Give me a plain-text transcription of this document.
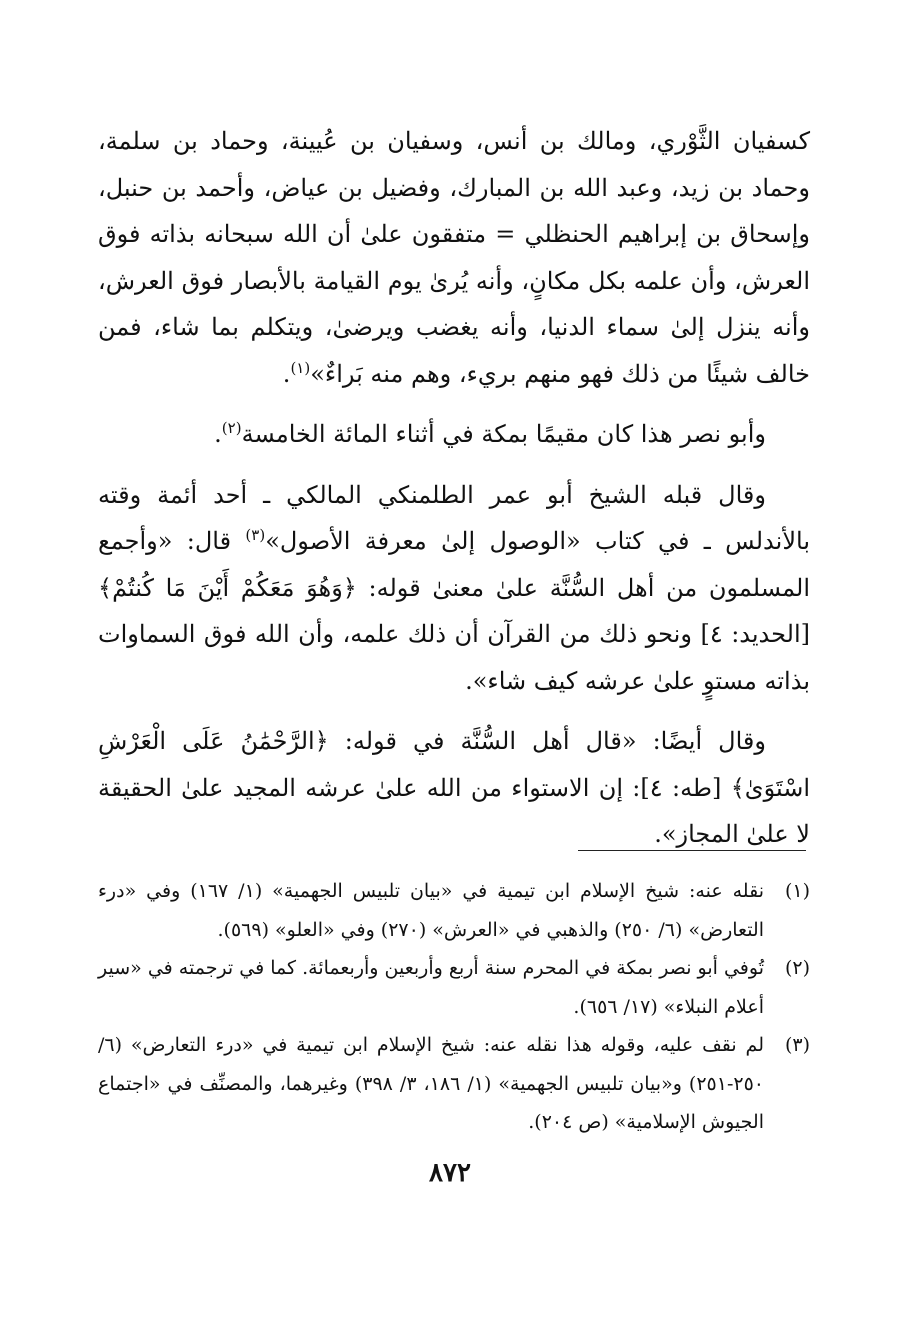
كسفيان الثَّوْري، ومالك بن أنس، وسفيان بن عُيينة، وحماد بن سلمة، وحماد بن زيد، وعبد الله بن المبارك، وفضيل بن عياض، وأحمد بن حنبل، وإسحاق بن إبراهيم الحنظلي = متفقون علىٰ أن الله سبحانه بذاته فوق العرش، وأن علمه بكل مكانٍ، وأنه يُرىٰ يوم القيامة بالأبصار فوق العرش، وأنه ينزل إلىٰ سماء الدنيا، وأنه يغضب ويرضىٰ، ويتكلم بما شاء، فمن خالف شيئًا من ذلك فهو منهم بريء، وهم منه بَراءٌ»$^{(١)}$.

وأبو نصر هذا كان مقيمًا بمكة في أثناء المائة الخامسة$^{(٢)}$.

وقال قبله الشيخ أبو عمر الطلمنكي المالكي ـ أحد أئمة وقته بالأندلس ـ في كتاب «الوصول إلىٰ معرفة الأصول»$^{(٣)}$ قال: «وأجمع المسلمون من أهل السُّنَّة علىٰ معنىٰ قوله: ﴿وَهُوَ مَعَكُمْ أَيْنَ مَا كُنتُمْ﴾ [الحديد: ٤] ونحو ذلك من القرآن أن ذلك علمه، وأن الله فوق السماوات بذاته مستوٍ علىٰ عرشه كيف شاء».

وقال أيضًا: «قال أهل السُّنَّة في قوله: ﴿الرَّحْمَٰنُ عَلَى الْعَرْشِ اسْتَوَىٰ﴾ [طه: ٤]: إن الاستواء من الله علىٰ عرشه المجيد علىٰ الحقيقة لا علىٰ المجاز».

(١)
نقله عنه: شيخ الإسلام ابن تيمية في «بيان تلبيس الجهمية» (١/ ١٦٧) وفي «درء التعارض» (٦/ ٢٥٠) والذهبي في «العرش» (٢٧٠) وفي «العلو» (٥٦٩).
(٢)
تُوفي أبو نصر بمكة في المحرم سنة أربع وأربعين وأربعمائة. كما في ترجمته في «سير أعلام النبلاء» (١٧/ ٦٥٦).
(٣)
لم نقف عليه، وقوله هذا نقله عنه: شيخ الإسلام ابن تيمية في «درء التعارض» (٦/ ٢٥٠-٢٥١) و«بيان تلبيس الجهمية» (١/ ١٨٦، ٣/ ٣٩٨) وغيرهما، والمصنِّف في «اجتماع الجيوش الإسلامية» (ص ٢٠٤).
٨٧٢
